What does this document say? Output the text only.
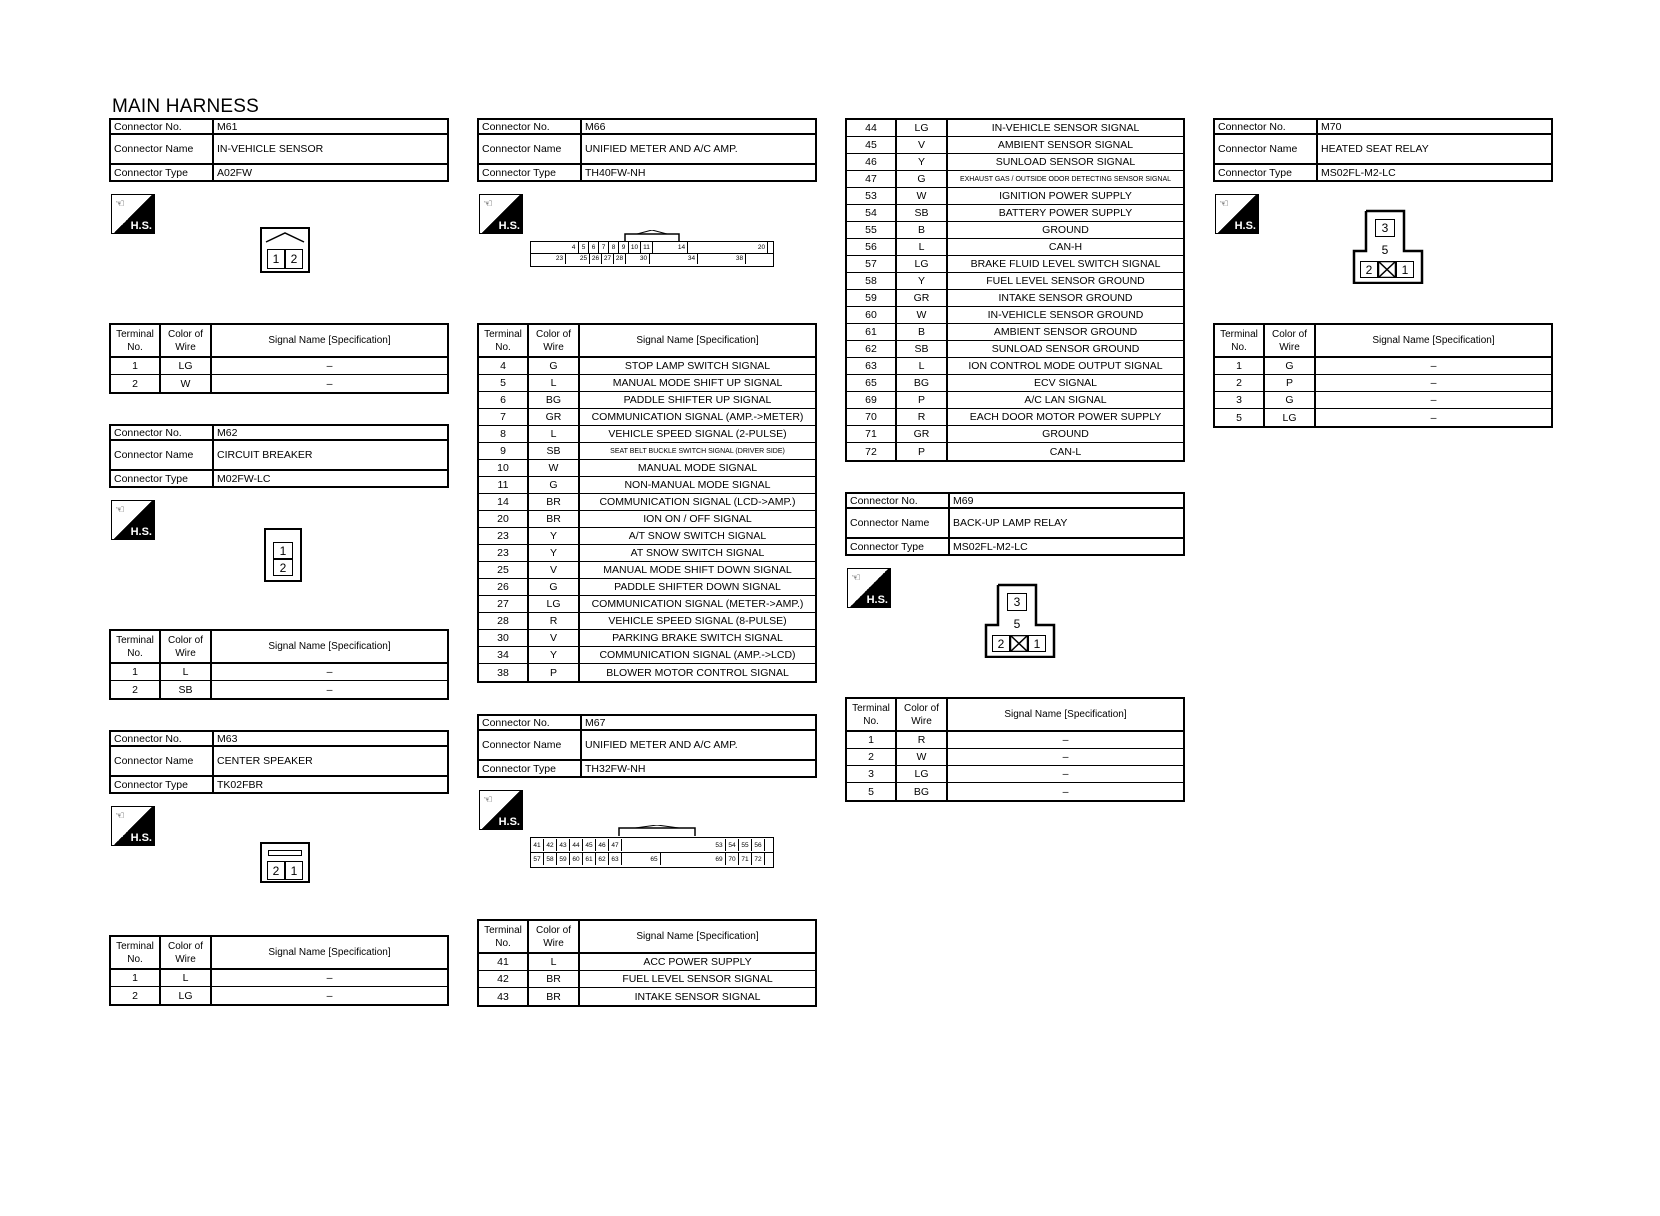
MAIN HARNESS
Connector No.	M61
Connector Name	IN-VEHICLE SENSOR
Connector Type	A02FW
☜
H.S.
1 2
Terminal No.
Color of Wire
Signal Name [Specification]
1	LG	–
2	W	–
Connector No.	M62
Connector Name	CIRCUIT BREAKER
Connector Type	M02FW-LC
☜
H.S.
1
2
Terminal No.
Color of Wire
Signal Name [Specification]
1	L	–
2	SB	–
Connector No.	M63
Connector Name	CENTER SPEAKER
Connector Type	TK02FBR
☜
H.S.
2 1
Terminal No.
Color of Wire
Signal Name [Specification]
1	L	–
2	LG	–
Connector No.	M66
Connector Name	UNIFIED METER AND A/C AMP.
Connector Type	TH40FW-NH
☜
H.S.
4 5 6 7 8 9 10 11	14	20
23	25 26 27 28	30	34	38
Terminal No.
Color of Wire
Signal Name [Specification]
4	G	STOP LAMP SWITCH SIGNAL
5	L	MANUAL MODE SHIFT UP SIGNAL
6	BG	PADDLE SHIFTER UP SIGNAL
7	GR	COMMUNICATION SIGNAL (AMP.->METER)
8	L	VEHICLE SPEED SIGNAL (2-PULSE)
9	SB	SEAT BELT BUCKLE SWITCH SIGNAL (DRIVER SIDE)
10	W	MANUAL MODE SIGNAL
11	G	NON-MANUAL MODE SIGNAL
14	BR	COMMUNICATION SIGNAL (LCD->AMP.)
20	BR	ION ON / OFF SIGNAL
23	Y	A/T SNOW SWITCH SIGNAL
23	Y	AT SNOW SWITCH SIGNAL
25	V	MANUAL MODE SHIFT DOWN SIGNAL
26	G	PADDLE SHIFTER DOWN SIGNAL
27	LG	COMMUNICATION SIGNAL (METER->AMP.)
28	R	VEHICLE SPEED SIGNAL (8-PULSE)
30	V	PARKING BRAKE SWITCH SIGNAL
34	Y	COMMUNICATION SIGNAL (AMP.->LCD)
38	P	BLOWER MOTOR CONTROL SIGNAL
Connector No.	M67
Connector Name	UNIFIED METER AND A/C AMP.
Connector Type	TH32FW-NH
☜
H.S.
41 42 43 44 45 46 47	53 54 55 56
57 58 59 60 61 62 63	65	69 70 71 72
Terminal No.
Color of Wire
Signal Name [Specification]
41	L	ACC POWER SUPPLY
42	BR	FUEL LEVEL SENSOR SIGNAL
43	BR	INTAKE SENSOR SIGNAL
44	LG	IN-VEHICLE SENSOR SIGNAL
45	V	AMBIENT SENSOR SIGNAL
46	Y	SUNLOAD SENSOR SIGNAL
47	G	EXHAUST GAS / OUTSIDE ODOR DETECTING SENSOR SIGNAL
53	W	IGNITION POWER SUPPLY
54	SB	BATTERY POWER SUPPLY
55	B	GROUND
56	L	CAN-H
57	LG	BRAKE FLUID LEVEL SWITCH SIGNAL
58	Y	FUEL LEVEL SENSOR GROUND
59	GR	INTAKE SENSOR GROUND
60	W	IN-VEHICLE SENSOR GROUND
61	B	AMBIENT SENSOR GROUND
62	SB	SUNLOAD SENSOR GROUND
63	L	ION CONTROL MODE OUTPUT SIGNAL
65	BG	ECV SIGNAL
69	P	A/C LAN SIGNAL
70	R	EACH DOOR MOTOR POWER SUPPLY
71	GR	GROUND
72	P	CAN-L
Connector No.	M69
Connector Name	BACK-UP LAMP RELAY
Connector Type	MS02FL-M2-LC
☜
H.S.	3
5
2	1
Terminal No.
Color of Wire
Signal Name [Specification]
1	R	–
2	W	–
3	LG	–
5	BG	–
Connector No.	M70
Connector Name	HEATED SEAT RELAY
Connector Type	MS02FL-M2-LC
☜
H.S.	3
5
2	1
Terminal No.
Color of Wire
Signal Name [Specification]
1	G	–
2	P	–
3	G	–
5	LG	–
